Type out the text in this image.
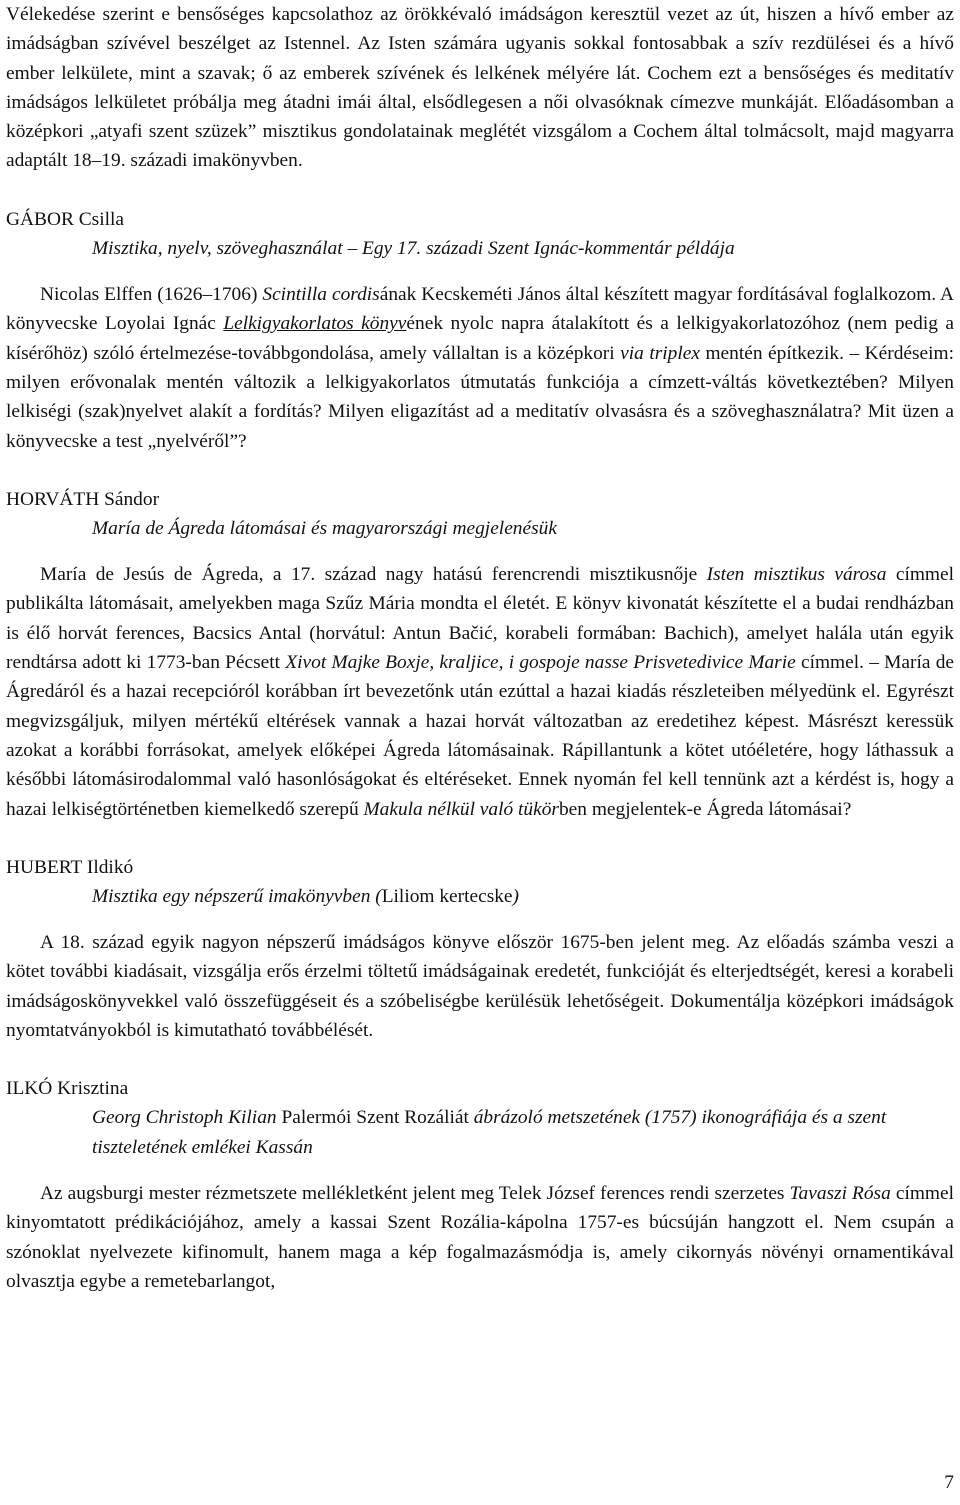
Vélekedése szerint e bensőséges kapcsolathoz az örökkévaló imádságon keresztül vezet az út, hiszen a hívő ember az imádságban szívével beszélget az Istennel. Az Isten számára ugyanis sokkal fontosabbak a szív rezdülései és a hívő ember lelkülete, mint a szavak; ő az emberek szívének és lelkének mélyére lát. Cochem ezt a bensőséges és meditatív imádságos lelkületet próbálja meg átadni imái által, elsődlegesen a női olvasóknak címezve munkáját. Előadásomban a középkori „atyafi szent szüzek” misztikus gondolatainak meglétét vizsgálom a Cochem által tolmácsolt, majd magyarra adaptált 18–19. századi imakönyvben.

GÁBOR Csilla

Misztika, nyelv, szöveghasználat – Egy 17. századi Szent Ignác-kommentár példája

Nicolas Elffen (1626–1706) Scintilla cordisának Kecskeméti János által készített magyar fordításával foglalkozom. A könyvecske Loyolai Ignác Lelkigyakorlatos könyvének nyolc napra átalakított és a lelkigyakorlatozóhoz (nem pedig a kísérőhöz) szóló értelmezése-továbbgondolása, amely vállaltan is a középkori via triplex mentén építkezik. – Kérdéseim: milyen erővonalak mentén változik a lelkigyakorlatos útmutatás funkciója a címzett-váltás következtében? Milyen lelkiségi (szak)nyelvet alakít a fordítás? Milyen eligazítást ad a meditatív olvasásra és a szöveghasználatra? Mit üzen a könyvecske a test „nyelvéről”?

HORVÁTH Sándor

María de Ágreda látomásai és magyarországi megjelenésük

María de Jesús de Ágreda, a 17. század nagy hatású ferencrendi misztikusnője Isten misztikus városa címmel publikálta látomásait, amelyekben maga Szűz Mária mondta el életét. E könyv kivonatát készítette el a budai rendházban is élő horvát ferences, Bacsics Antal (horvátul: Antun Bačić, korabeli formában: Bachich), amelyet halála után egyik rendtársa adott ki 1773-ban Pécsett Xivot Majke Boxje, kraljice, i gospoje nasse Prisvetedivice Marie címmel. – María de Ágredáról és a hazai recepcióról korábban írt bevezetőnk után ezúttal a hazai kiadás részleteiben mélyedünk el. Egyrészt megvizsgáljuk, milyen mértékű eltérések vannak a hazai horvát változatban az eredetihez képest. Másrészt keressük azokat a korábbi forrásokat, amelyek előképei Ágreda látomásainak. Rápillantunk a kötet utóéletére, hogy láthassuk a későbbi látomásirodalommal való hasonlóságokat és eltéréseket. Ennek nyomán fel kell tennünk azt a kérdést is, hogy a hazai lelkiségtörténetben kiemelkedő szerepű Makula nélkül való tükörben megjelentek-e Ágreda látomásai?

HUBERT Ildikó

Misztika egy népszerű imakönyvben (Liliom kertecske)

A 18. század egyik nagyon népszerű imádságos könyve először 1675-ben jelent meg. Az előadás számba veszi a kötet további kiadásait, vizsgálja erős érzelmi töltetű imádságainak eredetét, funkcióját és elterjedtségét, keresi a korabeli imádságoskönyvekkel való összefüggéseit és a szóbeliségbe kerülésük lehetőségeit. Dokumentálja középkori imádságok nyomtatványokból is kimutatható továbbélését.

ILKÓ Krisztina

Georg Christoph Kilian Palermói Szent Rozáliát ábrázoló metszetének (1757) ikonográfiája és a szent tiszteletének emlékei Kassán

Az augsburgi mester rézmetszete mellékletként jelent meg Telek József ferences rendi szerzetes Tavaszi Rósa címmel kinyomtatott prédikációjához, amely a kassai Szent Rozália-kápolna 1757-es búcsúján hangzott el. Nem csupán a szónoklat nyelvezete kifinomult, hanem maga a kép fogalmazásmódja is, amely cikornyás növényi ornamentikával olvasztja egybe a remetebarlangot,

7
